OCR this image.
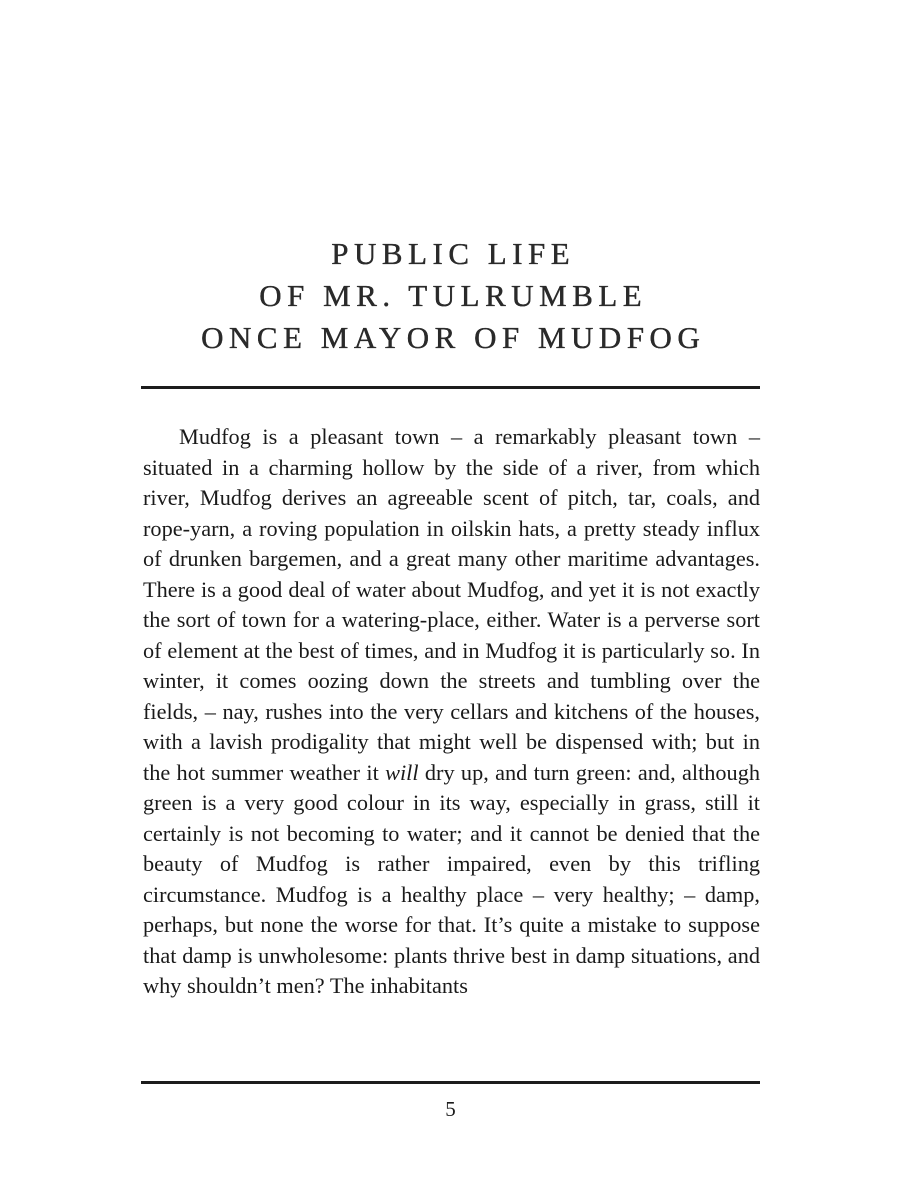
PUBLIC LIFE
OF MR. TULRUMBLE
ONCE MAYOR OF MUDFOG

Mudfog is a pleasant town – a remarkably pleasant town – situated in a charming hollow by the side of a river, from which river, Mudfog derives an agreeable scent of pitch, tar, coals, and rope-yarn, a roving population in oilskin hats, a pretty steady influx of drunken bargemen, and a great many other maritime advantages. There is a good deal of water about Mudfog, and yet it is not exactly the sort of town for a watering-place, either. Water is a perverse sort of element at the best of times, and in Mudfog it is particularly so. In winter, it comes oozing down the streets and tumbling over the fields, – nay, rushes into the very cellars and kitchens of the houses, with a lavish prodigality that might well be dispensed with; but in the hot summer weather it will dry up, and turn green: and, although green is a very good colour in its way, especially in grass, still it certainly is not becoming to water; and it cannot be denied that the beauty of Mudfog is rather impaired, even by this trifling circumstance. Mudfog is a healthy place – very healthy; – damp, perhaps, but none the worse for that. It’s quite a mistake to suppose that damp is unwholesome: plants thrive best in damp situations, and why shouldn’t men? The inhabitants

5
